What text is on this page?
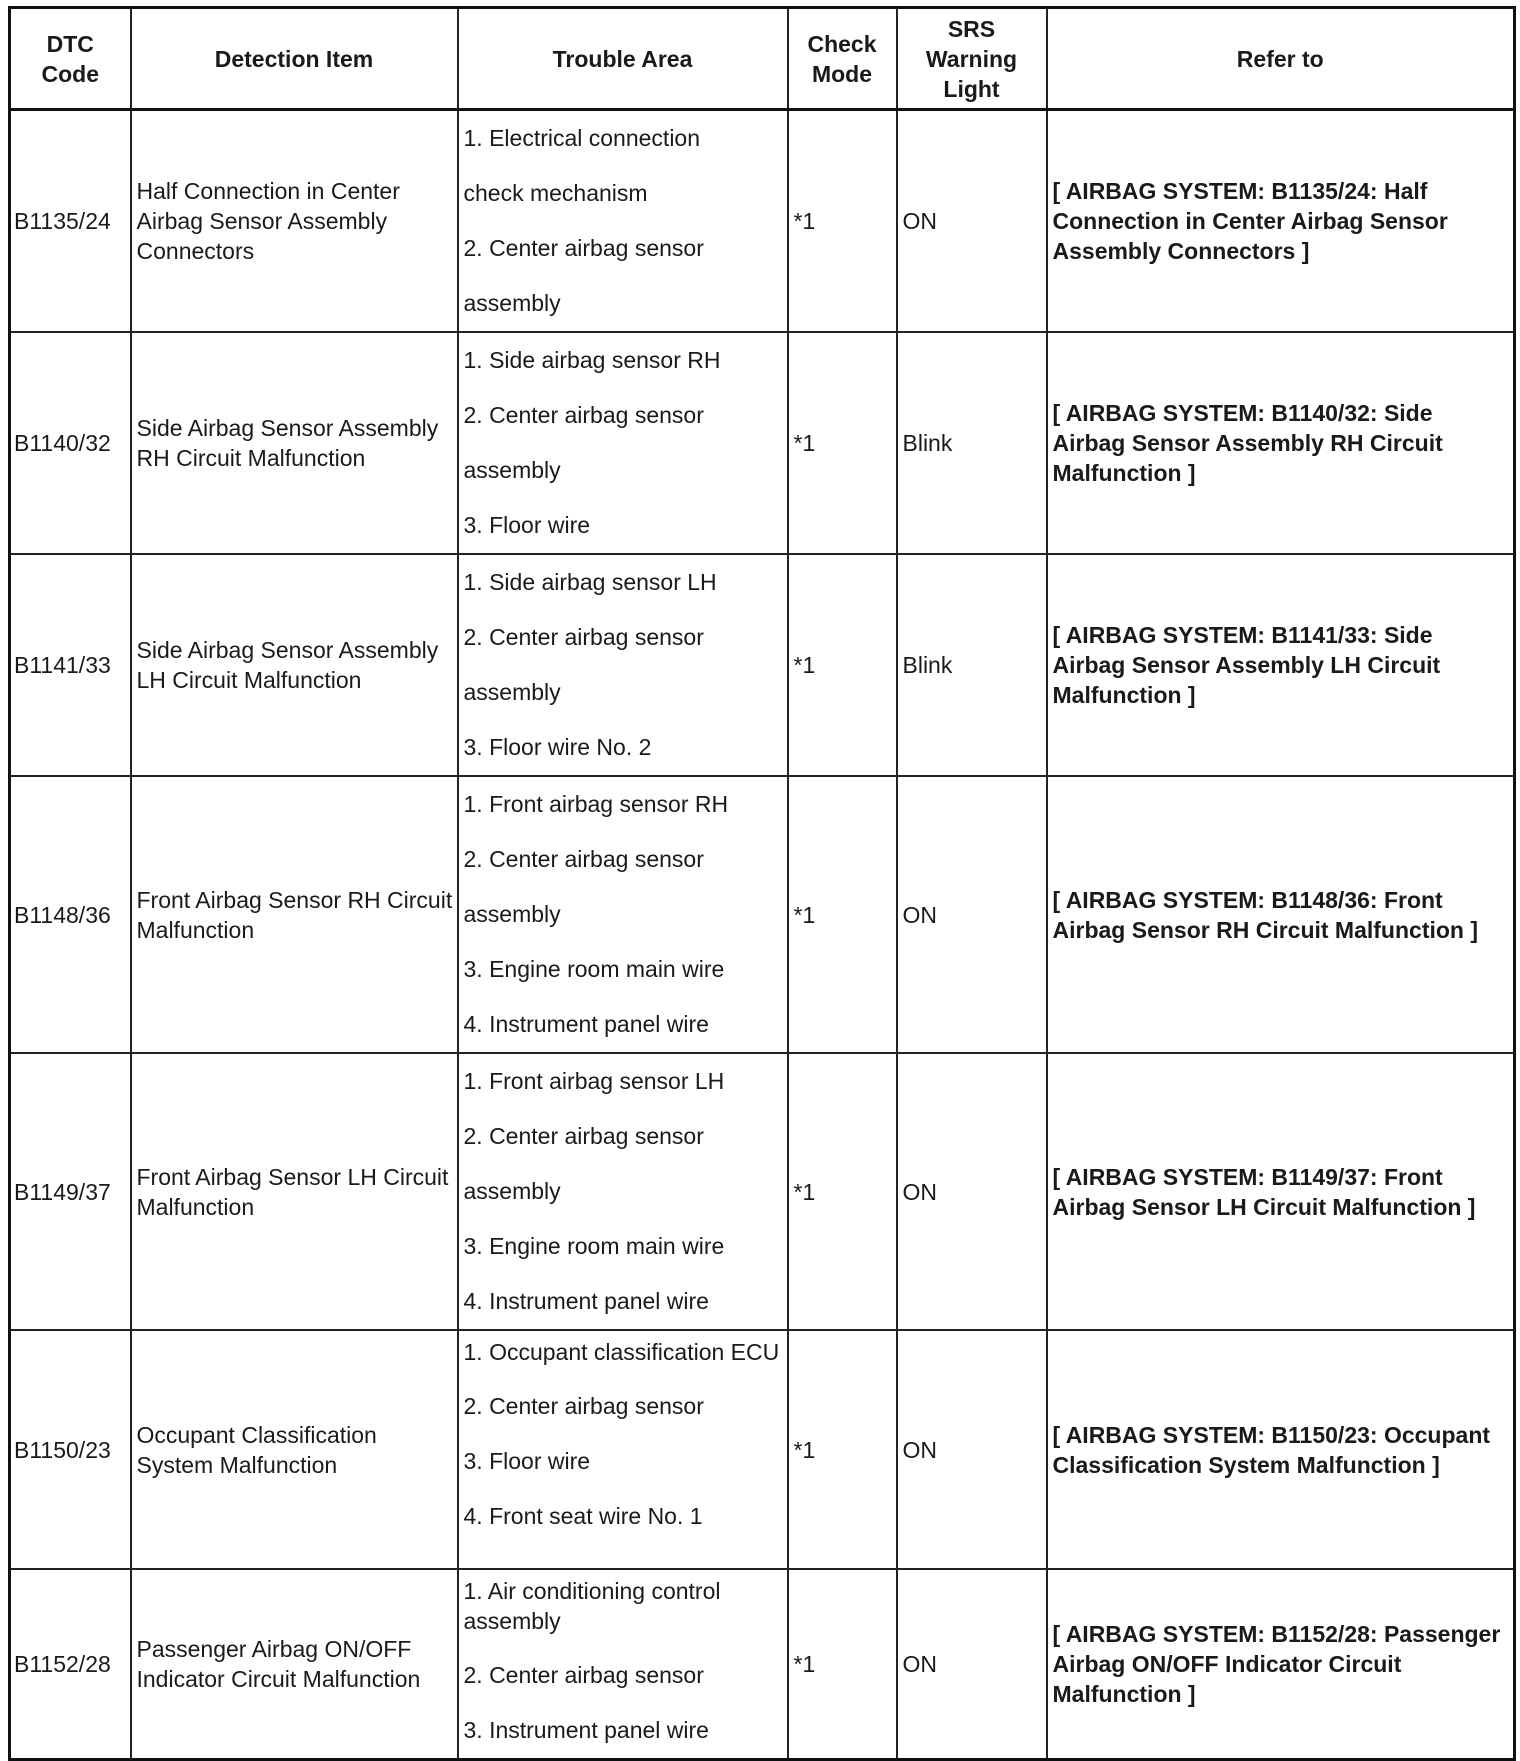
DTC Code	Detection Item	Trouble Area	Check Mode	SRS Warning Light	Refer to
B1135/24	Half Connection in Center Airbag Sensor Assembly Connectors	1. Electrical connection
check mechanism
2. Center airbag sensor
assembly	*1	ON	[ AIRBAG SYSTEM: B1135/24: Half Connection in Center Airbag Sensor Assembly Connectors ]
B1140/32	Side Airbag Sensor Assembly RH Circuit Malfunction	1. Side airbag sensor RH
2. Center airbag sensor
assembly
3. Floor wire	*1	Blink	[ AIRBAG SYSTEM: B1140/32: Side Airbag Sensor Assembly RH Circuit Malfunction ]
B1141/33	Side Airbag Sensor Assembly LH Circuit Malfunction	1. Side airbag sensor LH
2. Center airbag sensor
assembly
3. Floor wire No. 2	*1	Blink	[ AIRBAG SYSTEM: B1141/33: Side Airbag Sensor Assembly LH Circuit Malfunction ]
B1148/36	Front Airbag Sensor RH Circuit Malfunction	1. Front airbag sensor RH
2. Center airbag sensor
assembly
3. Engine room main wire
4. Instrument panel wire	*1	ON	[ AIRBAG SYSTEM: B1148/36: Front Airbag Sensor RH Circuit Malfunction ]
B1149/37	Front Airbag Sensor LH Circuit Malfunction	1. Front airbag sensor LH
2. Center airbag sensor
assembly
3. Engine room main wire
4. Instrument panel wire	*1	ON	[ AIRBAG SYSTEM: B1149/37: Front Airbag Sensor LH Circuit Malfunction ]
B1150/23	Occupant Classification System Malfunction	1. Occupant classification ECU
2. Center airbag sensor
3. Floor wire
4. Front seat wire No. 1	*1	ON	[ AIRBAG SYSTEM: B1150/23: Occupant Classification System Malfunction ]
B1152/28	Passenger Airbag ON/OFF Indicator Circuit Malfunction	1. Air conditioning control assembly
2. Center airbag sensor
3. Instrument panel wire	*1	ON	[ AIRBAG SYSTEM: B1152/28: Passenger Airbag ON/OFF Indicator Circuit Malfunction ]
